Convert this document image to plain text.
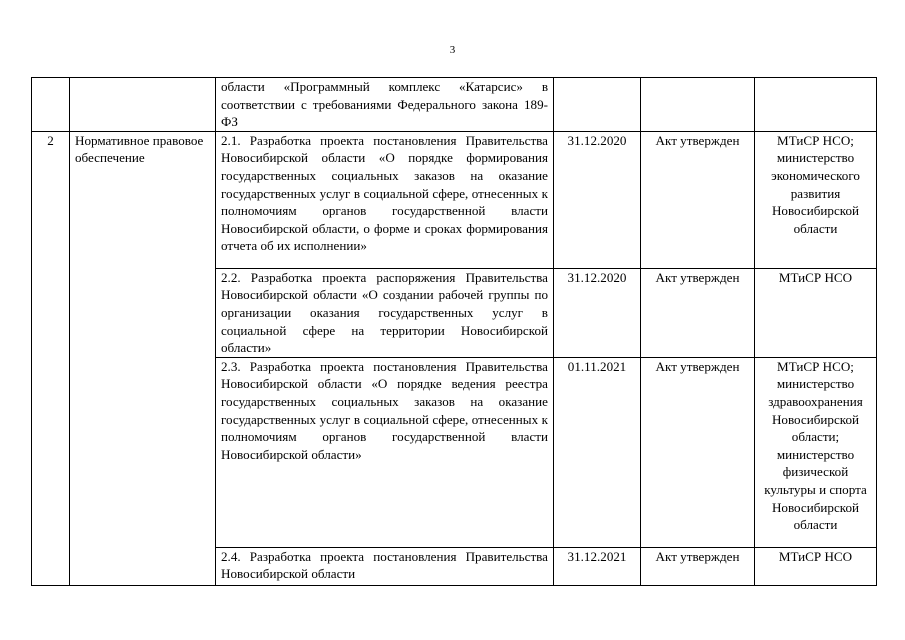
3
		области «Программный комплекс «Катарсис» в соответствии с требованиями Федерального закона 189-ФЗ			
2	Нормативное правовое обеспечение	2.1. Разработка проекта постановления Правительства Новосибирской области «О порядке формирования государственных социальных заказов на оказание государственных услуг в социальной сфере, отнесенных к полномочиям органов государственной власти Новосибирской области, о форме и сроках формирования отчета об их исполнении»	31.12.2020	Акт утвержден	МТиСР НСО; министерство экономического развития Новосибирской области
		2.2. Разработка проекта распоряжения Правительства Новосибирской области «О создании рабочей группы по организации оказания государственных услуг в социальной сфере на территории Новосибирской области»	31.12.2020	Акт утвержден	МТиСР НСО
		2.3. Разработка проекта постановления Правительства Новосибирской области «О порядке ведения реестра государственных социальных заказов на оказание государственных услуг в социальной сфере, отнесенных к полномочиям органов государственной власти Новосибирской области»	01.11.2021	Акт утвержден	МТиСР НСО; министерство здравоохранения Новосибирской области; министерство физической культуры и спорта Новосибирской области
		2.4. Разработка проекта постановления Правительства Новосибирской области	31.12.2021	Акт утвержден	МТиСР НСО
